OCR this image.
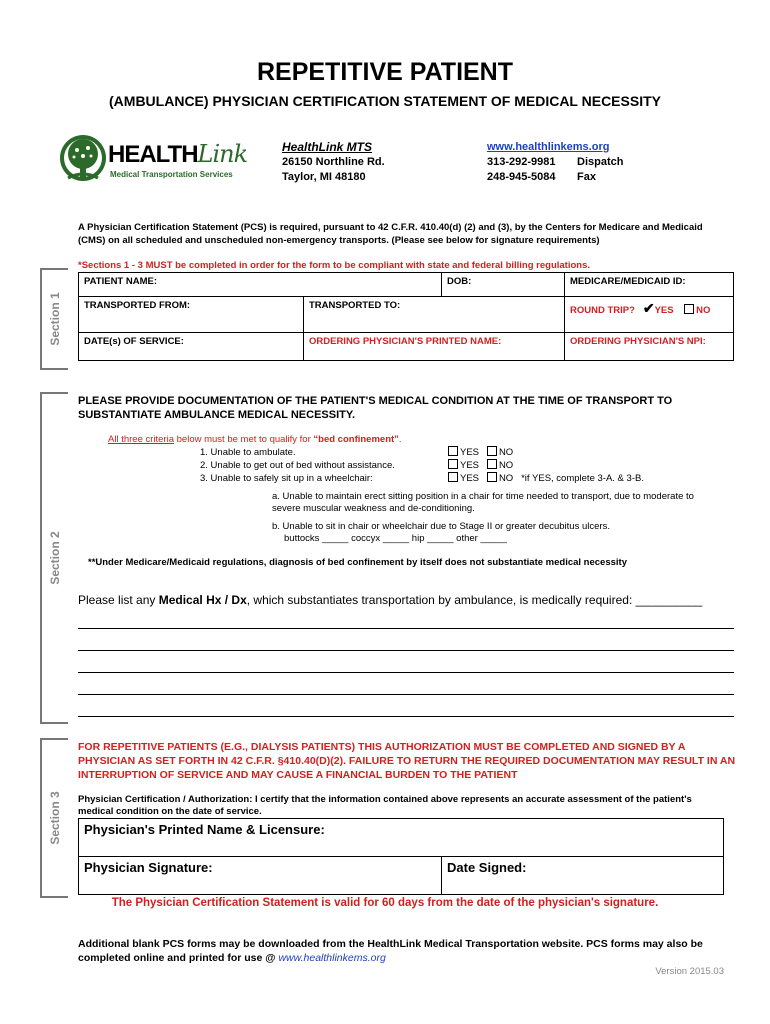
REPETITIVE PATIENT
(AMBULANCE) PHYSICIAN CERTIFICATION STATEMENT OF MEDICAL NECESSITY
HEALTHLink
Medical Transportation Services
HealthLink MTS
26150 Northline Rd.
Taylor, MI 48180
www.healthlinkems.org
313-292-9981 Dispatch
248-945-5084 Fax
A Physician Certification Statement (PCS) is required, pursuant to 42 C.F.R. 410.40(d) (2) and (3), by the Centers for Medicare and Medicaid (CMS) on all scheduled and unscheduled non-emergency transports. (Please see below for signature requirements)
Section 1
*Sections 1 - 3 MUST be completed in order for the form to be compliant with state and federal billing regulations.
PATIENT NAME:		DOB:	MEDICARE/MEDICAID ID:
TRANSPORTED FROM:	TRANSPORTED TO:		ROUND TRIP? ✔YES NO
DATE(s) OF SERVICE:	ORDERING PHYSICIAN'S PRINTED NAME:		ORDERING PHYSICIAN'S NPI:
Section 2
PLEASE PROVIDE DOCUMENTATION OF THE PATIENT'S MEDICAL CONDITION AT THE TIME OF TRANSPORT TO SUBSTANTIATE AMBULANCE MEDICAL NECESSITY.
All three criteria below must be met to qualify for “bed confinement”.
1. Unable to ambulate.
2. Unable to get out of bed without assistance.
3. Unable to safely sit up in a wheelchair:
YES NO
YES NO
YES NO *if YES, complete 3-A. & 3-B.
a. Unable to maintain erect sitting position in a chair for time needed to transport, due to moderate to severe muscular weakness and de-conditioning.
b. Unable to sit in chair or wheelchair due to Stage II or greater decubitus ulcers.
buttocks _____ coccyx _____ hip _____ other _____
**Under Medicare/Medicaid regulations, diagnosis of bed confinement by itself does not substantiate medical necessity
Please list any Medical Hx / Dx, which substantiates transportation by ambulance, is medically required: __________
Section 3
FOR REPETITIVE PATIENTS (E.G., DIALYSIS PATIENTS) THIS AUTHORIZATION MUST BE COMPLETED AND SIGNED BY A PHYSICIAN AS SET FORTH IN 42 C.F.R. §410.40(D)(2). FAILURE TO RETURN THE REQUIRED DOCUMENTATION MAY RESULT IN AN INTERRUPTION OF SERVICE AND MAY CAUSE A FINANCIAL BURDEN TO THE PATIENT
Physician Certification / Authorization: I certify that the information contained above represents an accurate assessment of the patient's medical condition on the date of service.
Physician's Printed Name & Licensure:
Physician Signature:	Date Signed:
The Physician Certification Statement is valid for 60 days from the date of the physician's signature.
Additional blank PCS forms may be downloaded from the HealthLink Medical Transportation website. PCS forms may also be completed online and printed for use @ www.healthlinkems.org
Version 2015.03
